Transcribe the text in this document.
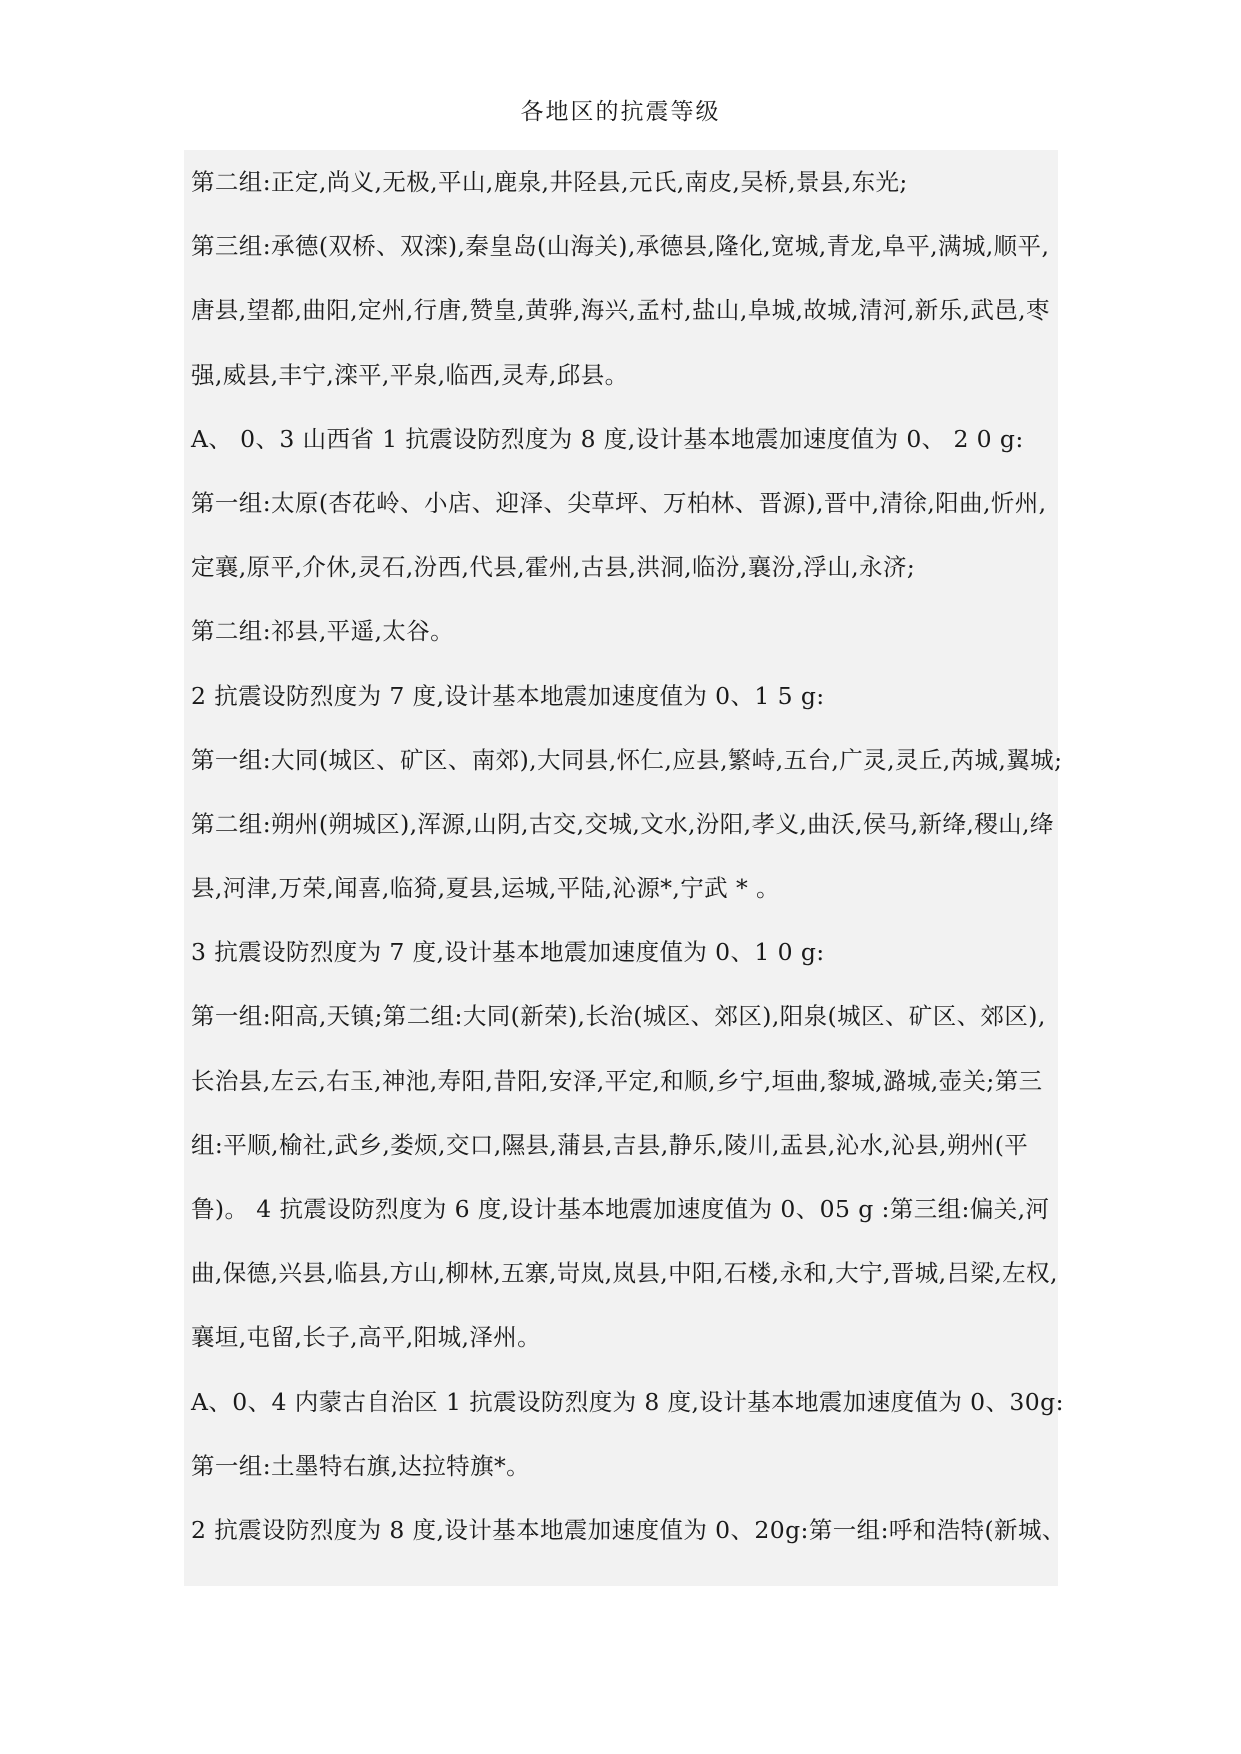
各地区的抗震等级
第二组:正定,尚义,无极,平山,鹿泉,井陉县,元氏,南皮,吴桥,景县,东光;
第三组:承德(双桥、双滦),秦皇岛(山海关),承德县,隆化,宽城,青龙,阜平,满城,顺平,
唐县,望都,曲阳,定州,行唐,赞皇,黄骅,海兴,孟村,盐山,阜城,故城,清河,新乐,武邑,枣
强,威县,丰宁,滦平,平泉,临西,灵寿,邱县。
A、 0、3 山西省 1 抗震设防烈度为 8 度,设计基本地震加速度值为 0、 2 0 g:
第一组:太原(杏花岭、小店、迎泽、尖草坪、万柏林、晋源),晋中,清徐,阳曲,忻州,
定襄,原平,介休,灵石,汾西,代县,霍州,古县,洪洞,临汾,襄汾,浮山,永济;
第二组:祁县,平遥,太谷。
2 抗震设防烈度为 7 度,设计基本地震加速度值为 0、1 5 g:
第一组:大同(城区、矿区、南郊),大同县,怀仁,应县,繁峙,五台,广灵,灵丘,芮城,翼城;
第二组:朔州(朔城区),浑源,山阴,古交,交城,文水,汾阳,孝义,曲沃,侯马,新绛,稷山,绛
县,河津,万荣,闻喜,临猗,夏县,运城,平陆,沁源*,宁武 * 。
3 抗震设防烈度为 7 度,设计基本地震加速度值为 0、1 0 g:
第一组:阳高,天镇;第二组:大同(新荣),长治(城区、郊区),阳泉(城区、矿区、郊区),
长治县,左云,右玉,神池,寿阳,昔阳,安泽,平定,和顺,乡宁,垣曲,黎城,潞城,壶关;第三
组:平顺,榆社,武乡,娄烦,交口,隰县,蒲县,吉县,静乐,陵川,盂县,沁水,沁县,朔州(平
鲁)。 4 抗震设防烈度为 6 度,设计基本地震加速度值为 0、05 g :第三组:偏关,河
曲,保德,兴县,临县,方山,柳林,五寨,岢岚,岚县,中阳,石楼,永和,大宁,晋城,吕梁,左权,
襄垣,屯留,长子,高平,阳城,泽州。
A、0、4 内蒙古自治区 1 抗震设防烈度为 8 度,设计基本地震加速度值为 0、30g:
第一组:土墨特右旗,达拉特旗*。
2 抗震设防烈度为 8 度,设计基本地震加速度值为 0、20g:第一组:呼和浩特(新城、
